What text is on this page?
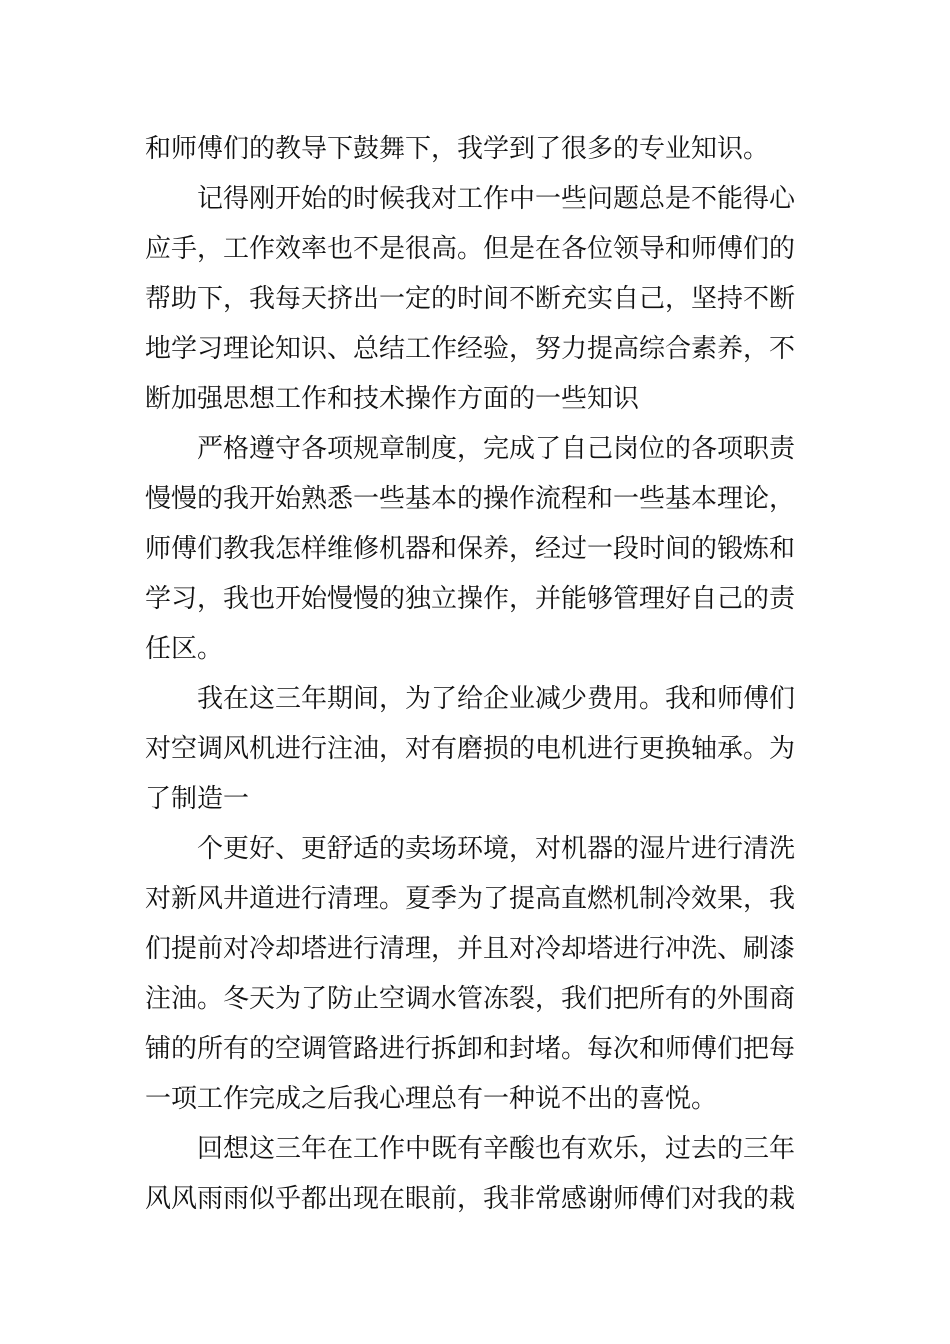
和师傅们的教导下鼓舞下，我学到了很多的专业知识。
记得刚开始的时候我对工作中一些问题总是不能得心
应手，工作效率也不是很高。但是在各位领导和师傅们的
帮助下，我每天挤出一定的时间不断充实自己，坚持不断
地学习理论知识、总结工作经验，努力提高综合素养，不
断加强思想工作和技术操作方面的一些知识
严格遵守各项规章制度，完成了自己岗位的各项职责
慢慢的我开始熟悉一些基本的操作流程和一些基本理论，
师傅们教我怎样维修机器和保养，经过一段时间的锻炼和
学习，我也开始慢慢的独立操作，并能够管理好自己的责
任区。
我在这三年期间，为了给企业减少费用。我和师傅们
对空调风机进行注油，对有磨损的电机进行更换轴承。为
了制造一
个更好、更舒适的卖场环境，对机器的湿片进行清洗
对新风井道进行清理。夏季为了提高直燃机制冷效果，我
们提前对冷却塔进行清理，并且对冷却塔进行冲洗、刷漆
注油。冬天为了防止空调水管冻裂，我们把所有的外围商
铺的所有的空调管路进行拆卸和封堵。每次和师傅们把每
一项工作完成之后我心理总有一种说不出的喜悦。
回想这三年在工作中既有辛酸也有欢乐，过去的三年
风风雨雨似乎都出现在眼前，我非常感谢师傅们对我的栽
